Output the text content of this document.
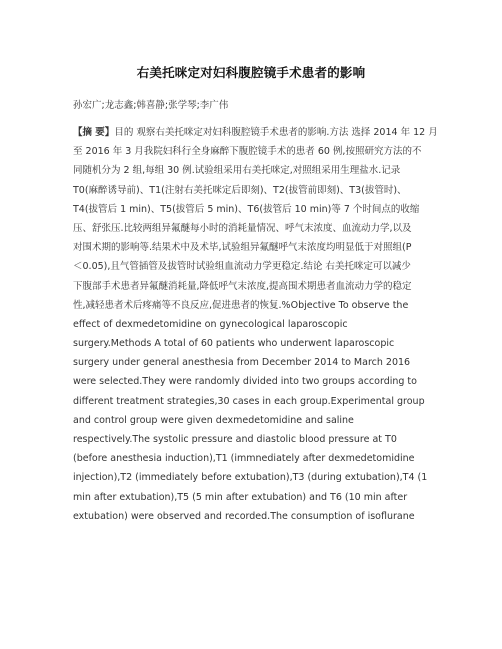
右美托咪定对妇科腹腔镜手术患者的影响
孙宏广;龙志鑫;韩喜静;张学琴;李广伟
【摘 要】目的 观察右美托咪定对妇科腹腔镜手术患者的影响.方法 选择 2014 年 12 月
至 2016 年 3 月我院妇科行全身麻醉下腹腔镜手术的患者 60 例,按照研究方法的不
同随机分为 2 组,每组 30 例.试验组采用右美托咪定,对照组采用生理盐水.记录
T0(麻醉诱导前)、T1(注射右美托咪定后即刻)、T2(拔管前即刻)、T3(拔管时)、
T4(拔管后 1 min)、T5(拔管后 5 min)、T6(拔管后 10 min)等 7 个时间点的收缩
压、舒张压.比较两组异氟醚每小时的消耗量情况、呼气末浓度、血流动力学,以及
对围术期的影响等.结果术中及术毕,试验组异氟醚呼气末浓度均明显低于对照组(P
＜0.05),且气管插管及拔管时试验组血流动力学更稳定.结论 右美托咪定可以减少
下腹部手术患者异氟醚消耗量,降低呼气末浓度,提高围术期患者血流动力学的稳定
性,减轻患者术后疼痛等不良反应,促进患者的恢复.%Objective To observe the
effect of dexmedetomidine on gynecological laparoscopic
surgery.Methods A total of 60 patients who underwent laparoscopic
surgery under general anesthesia from December 2014 to March 2016
were selected.They were randomly divided into two groups according to
different treatment strategies,30 cases in each group.Experimental group
and control group were given dexmedetomidine and saline
respectively.The systolic pressure and diastolic blood pressure at T0
(before anesthesia induction),T1 (immnediately after dexmedetomidine
injection),T2 (immediately before extubation),T3 (during extubation),T4 (1
min after extubation),T5 (5 min after extubation) and T6 (10 min after
extubation) were observed and recorded.The consumption of isoflurane
